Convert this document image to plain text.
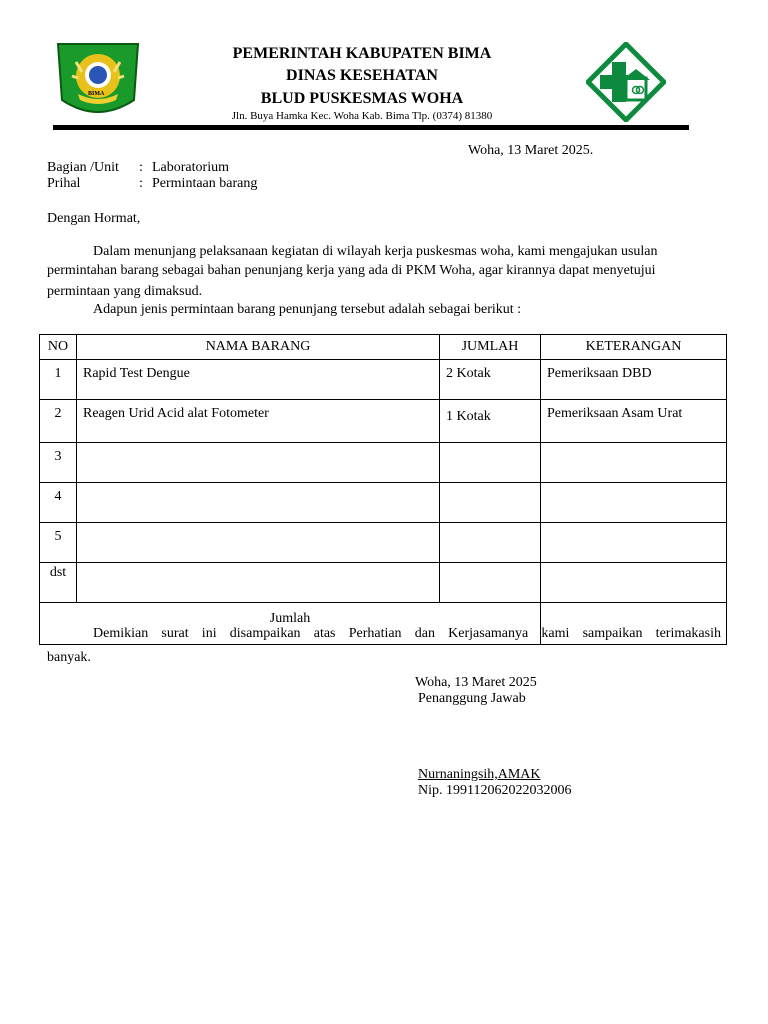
BIMA
PEMERINTAH KABUPATEN BIMA
DINAS KESEHATAN
BLUD PUSKESMAS WOHA
Jln. Buya Hamka Kec. Woha Kab. Bima Tlp. (0374) 81380
Woha, 13 Maret 2025.
Bagian /Unit : Laboratorium
Prihal	: Permintaan barang
Dengan Hormat,
Dalam menunjang pelaksanaan kegiatan di wilayah kerja puskesmas woha, kami mengajukan usulan
permintahan barang sebagai bahan penunjang kerja yang ada di PKM Woha, agar kirannya dapat menyetujui
permintaan yang dimaksud.
Adapun jenis permintaan barang penunjang tersebut adalah sebagai berikut :
NO	NAMA BARANG	JUMLAH	KETERANGAN
1	Rapid Test Dengue	2 Kotak	Pemeriksaan DBD
2	Reagen Urid Acid alat Fotometer	1 Kotak	Pemeriksaan Asam Urat
3			
4			
5			
dst			
Jumlah			
Demikian surat ini disampaikan atas Perhatian dan Kerjasamanya kami sampaikan terimakasih
banyak.
Woha, 13 Maret 2025
Penanggung Jawab
Nurnaningsih,AMAK
Nip. 199112062022032006
